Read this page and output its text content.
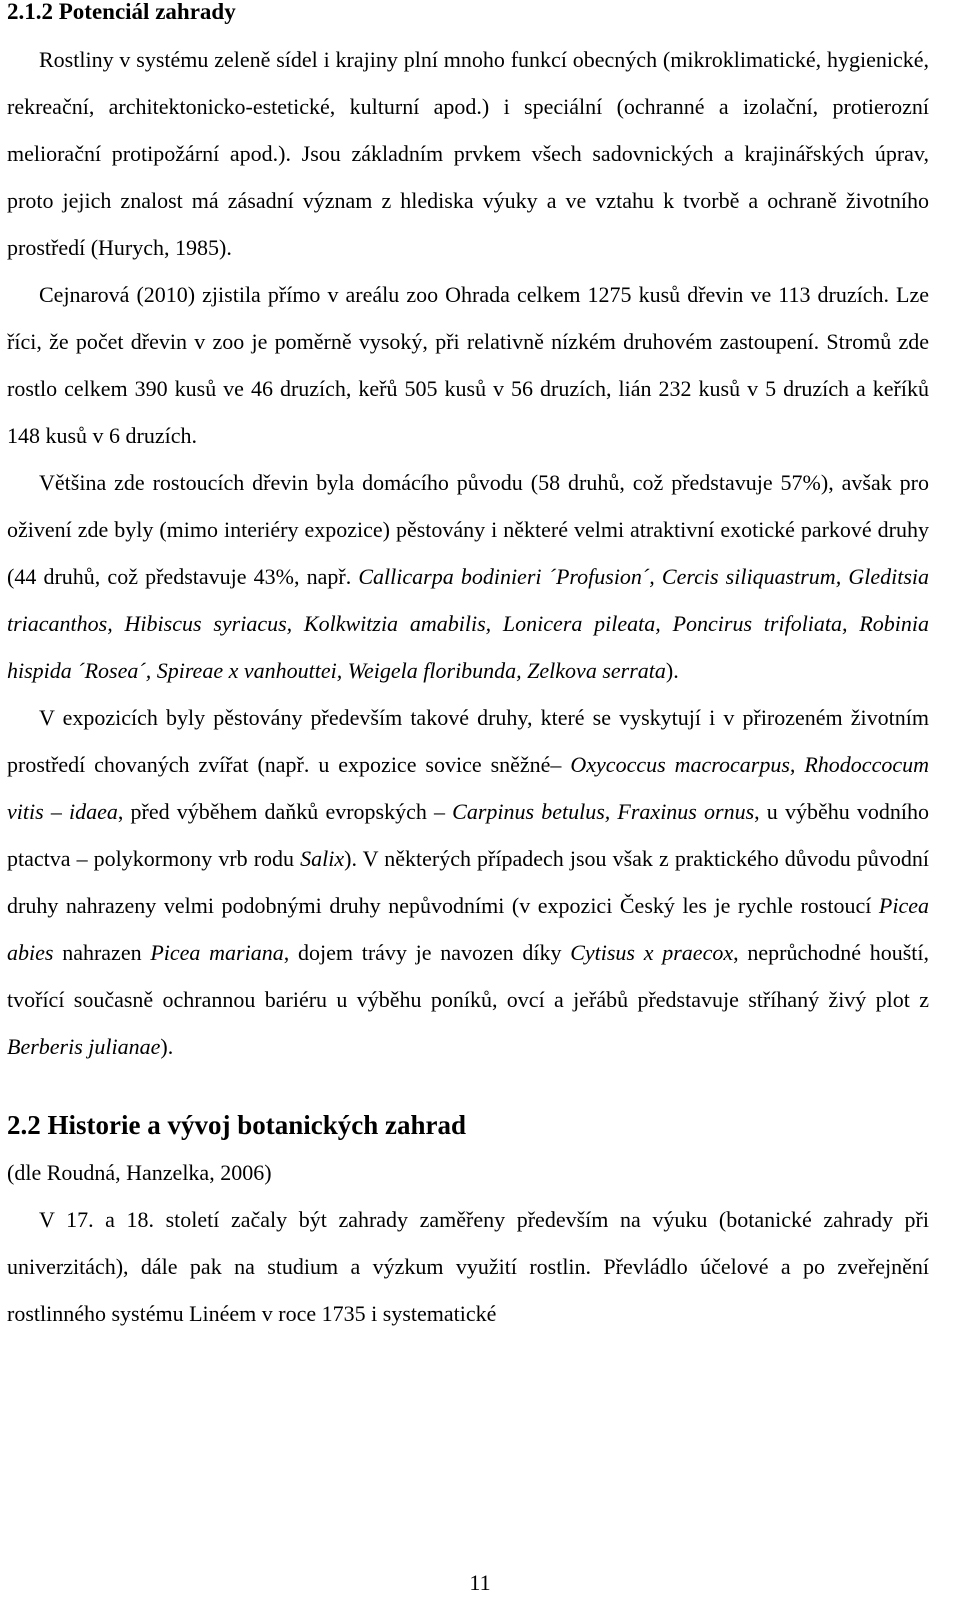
2.1.2 Potenciál zahrady

Rostliny v systému zeleně sídel i krajiny plní mnoho funkcí obecných (mikroklimatické, hygienické, rekreační, architektonicko-estetické, kulturní apod.) i speciální (ochranné a izolační, protierozní meliorační protipožární apod.). Jsou základním prvkem všech sadovnických a krajinářských úprav, proto jejich znalost má zásadní význam z hlediska výuky a ve vztahu k tvorbě a ochraně životního prostředí (Hurych, 1985).

Cejnarová (2010) zjistila přímo v areálu zoo Ohrada celkem 1275 kusů dřevin ve 113 druzích. Lze říci, že počet dřevin v zoo je poměrně vysoký, při relativně nízkém druhovém zastoupení. Stromů zde rostlo celkem 390 kusů ve 46 druzích, keřů 505 kusů v 56 druzích, lián 232 kusů v 5 druzích a keříků 148 kusů v 6 druzích.

Většina zde rostoucích dřevin byla domácího původu (58 druhů, což představuje 57%), avšak pro oživení zde byly (mimo interiéry expozice) pěstovány i některé velmi atraktivní exotické parkové druhy (44 druhů, což představuje 43%, např. Callicarpa bodinieri ´Profusion´, Cercis siliquastrum, Gleditsia triacanthos, Hibiscus syriacus, Kolkwitzia amabilis, Lonicera pileata, Poncirus trifoliata, Robinia hispida ´Rosea´, Spireae x vanhouttei, Weigela floribunda, Zelkova serrata).

V expozicích byly pěstovány především takové druhy, které se vyskytují i v přirozeném životním prostředí chovaných zvířat (např. u expozice sovice sněžné– Oxycoccus macrocarpus, Rhodoccocum vitis – idaea, před výběhem daňků evropských – Carpinus betulus, Fraxinus ornus, u výběhu vodního ptactva – polykormony vrb rodu Salix). V některých případech jsou však z praktického důvodu původní druhy nahrazeny velmi podobnými druhy nepůvodními (v expozici Český les je rychle rostoucí Picea abies nahrazen Picea mariana, dojem trávy je navozen díky Cytisus x praecox, neprůchodné houští, tvořící současně ochrannou bariéru u výběhu poníků, ovcí a jeřábů představuje stříhaný živý plot z Berberis julianae).

2.2 Historie a vývoj botanických zahrad

(dle Roudná, Hanzelka, 2006)

V 17. a 18. století začaly být zahrady zaměřeny především na výuku (botanické zahrady při univerzitách), dále pak na studium a výzkum využití rostlin. Převládlo účelové a po zveřejnění rostlinného systému Linéem v roce 1735 i systematické

11
